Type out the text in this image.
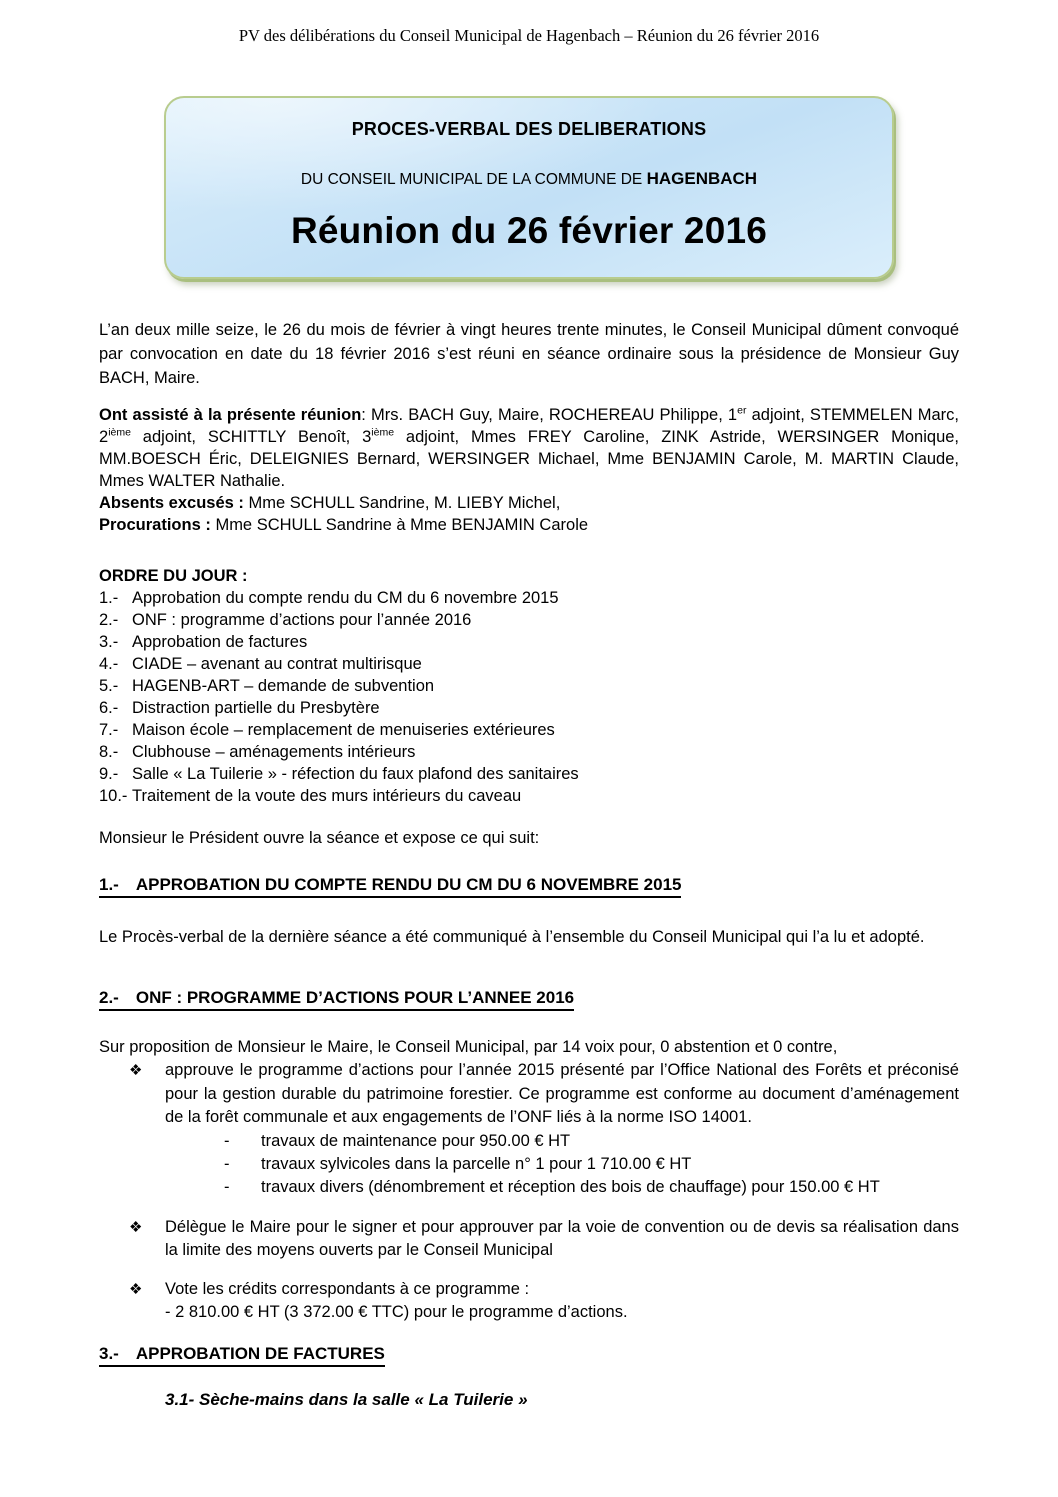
PV des délibérations du Conseil Municipal de Hagenbach – Réunion du 26 février 2016
PROCES-VERBAL DES DELIBERATIONS
DU CONSEIL MUNICIPAL DE LA COMMUNE DE HAGENBACH
Réunion du 26 février 2016

L’an deux mille seize, le 26 du mois de février à vingt heures trente minutes, le Conseil Municipal dûment convoqué par convocation en date du 18 février 2016 s’est réuni en séance ordinaire sous la présidence de Monsieur Guy BACH, Maire.

Ont assisté à la présente réunion: Mrs. BACH Guy, Maire, ROCHEREAU Philippe, 1er adjoint, STEMMELEN Marc, 2ième adjoint, SCHITTLY Benoît, 3ième adjoint, Mmes FREY Caroline, ZINK Astride, WERSINGER Monique, MM.BOESCH Éric, DELEIGNIES Bernard, WERSINGER Michael, Mme BENJAMIN Carole, M. MARTIN Claude, Mmes WALTER Nathalie.
Absents excusés : Mme SCHULL Sandrine, M. LIEBY Michel,
Procurations : Mme SCHULL Sandrine à Mme BENJAMIN Carole
ORDRE DU JOUR :
1.- Approbation du compte rendu du CM du 6 novembre 2015
2.- ONF : programme d’actions pour l’année 2016
3.- Approbation de factures
4.- CIADE – avenant au contrat multirisque
5.- HAGENB-ART – demande de subvention
6.- Distraction partielle du Presbytère
7.- Maison école – remplacement de menuiseries extérieures
8.- Clubhouse – aménagements intérieurs
9.- Salle « La Tuilerie » - réfection du faux plafond des sanitaires
10.- Traitement de la voute des murs intérieurs du caveau
Monsieur le Président ouvre la séance et expose ce qui suit:
1.- APPROBATION DU COMPTE RENDU DU CM DU 6 NOVEMBRE 2015

Le Procès-verbal de la dernière séance a été communiqué à l’ensemble du Conseil Municipal qui l’a lu et adopté.

2.- ONF : PROGRAMME D’ACTIONS POUR L’ANNEE 2016
Sur proposition de Monsieur le Maire, le Conseil Municipal, par 14 voix pour, 0 abstention et 0 contre,
❖	approuve le programme d’actions pour l’année 2015 présenté par l’Office National des Forêts et préconisé pour la gestion durable du patrimoine forestier. Ce programme est conforme au document d’aménagement de la forêt communale et aux engagements de l’ONF liés à la norme ISO 14001.
-	travaux de maintenance pour 950.00 € HT
-	travaux sylvicoles dans la parcelle n° 1 pour 1 710.00 € HT
-	travaux divers (dénombrement et réception des bois de chauffage) pour 150.00 € HT
❖	Délègue le Maire pour le signer et pour approuver par la voie de convention ou de devis sa réalisation dans la limite des moyens ouverts par le Conseil Municipal
❖	Vote les crédits correspondants à ce programme :
- 2 810.00 € HT (3 372.00 € TTC) pour le programme d’actions.
3.- APPROBATION DE FACTURES
3.1- Sèche-mains dans la salle « La Tuilerie »
